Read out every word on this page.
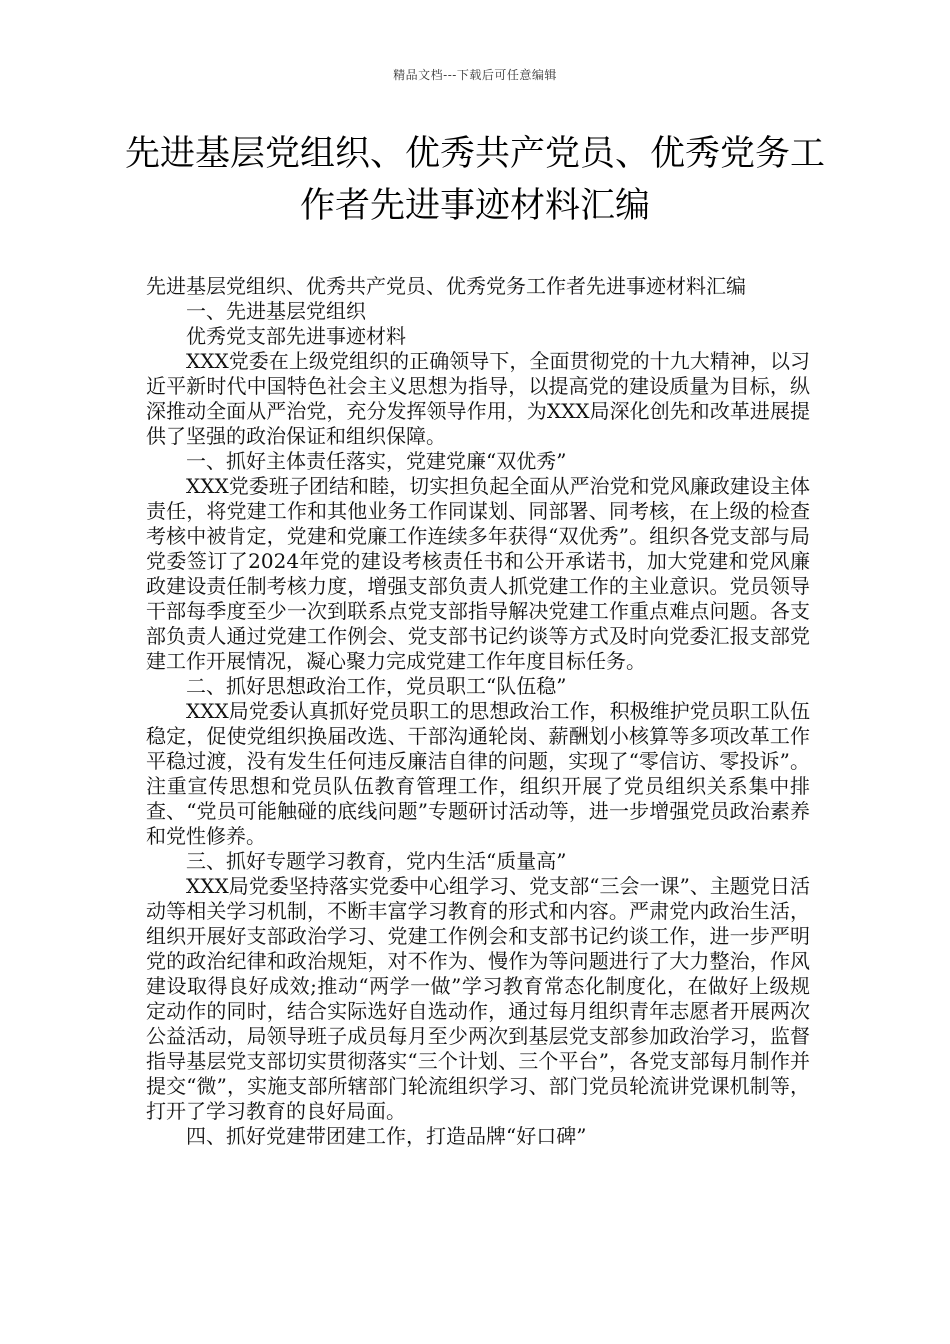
精品文档---下载后可任意编辑
先进基层党组织、优秀共产党员、优秀党务工作者先进事迹材料汇编

先进基层党组织、优秀共产党员、优秀党务工作者先进事迹材料汇编

一、先进基层党组织

优秀党支部先进事迹材料

XXX党委在上级党组织的正确领导下，全面贯彻党的十九大精神，以习近平新时代中国特色社会主义思想为指导，以提高党的建设质量为目标，纵深推动全面从严治党，充分发挥领导作用，为XXX局深化创先和改革进展提供了坚强的政治保证和组织保障。

一、抓好主体责任落实，党建党廉“双优秀”

XXX党委班子团结和睦，切实担负起全面从严治党和党风廉政建设主体责任，将党建工作和其他业务工作同谋划、同部署、同考核，在上级的检查考核中被肯定，党建和党廉工作连续多年获得“双优秀”。组织各党支部与局党委签订了2024年党的建设考核责任书和公开承诺书，加大党建和党风廉政建设责任制考核力度，增强支部负责人抓党建工作的主业意识。党员领导干部每季度至少一次到联系点党支部指导解决党建工作重点难点问题。各支部负责人通过党建工作例会、党支部书记约谈等方式及时向党委汇报支部党建工作开展情况，凝心聚力完成党建工作年度目标任务。

二、抓好思想政治工作，党员职工“队伍稳”

XXX局党委认真抓好党员职工的思想政治工作，积极维护党员职工队伍稳定，促使党组织换届改选、干部沟通轮岗、薪酬划小核算等多项改革工作平稳过渡，没有发生任何违反廉洁自律的问题，实现了“零信访、零投诉”。注重宣传思想和党员队伍教育管理工作，组织开展了党员组织关系集中排查、“党员可能触碰的底线问题”专题研讨活动等，进一步增强党员政治素养和党性修养。

三、抓好专题学习教育，党内生活“质量高”

XXX局党委坚持落实党委中心组学习、党支部“三会一课”、主题党日活动等相关学习机制，不断丰富学习教育的形式和内容。严肃党内政治生活，组织开展好支部政治学习、党建工作例会和支部书记约谈工作，进一步严明党的政治纪律和政治规矩，对不作为、慢作为等问题进行了大力整治，作风建设取得良好成效;推动“两学一做”学习教育常态化制度化，在做好上级规定动作的同时，结合实际选好自选动作，通过每月组织青年志愿者开展两次公益活动，局领导班子成员每月至少两次到基层党支部参加政治学习，监督指导基层党支部切实贯彻落实“三个计划、三个平台”，各党支部每月制作并提交“微”，实施支部所辖部门轮流组织学习、部门党员轮流讲党课机制等，打开了学习教育的良好局面。

四、抓好党建带团建工作，打造品牌“好口碑”
